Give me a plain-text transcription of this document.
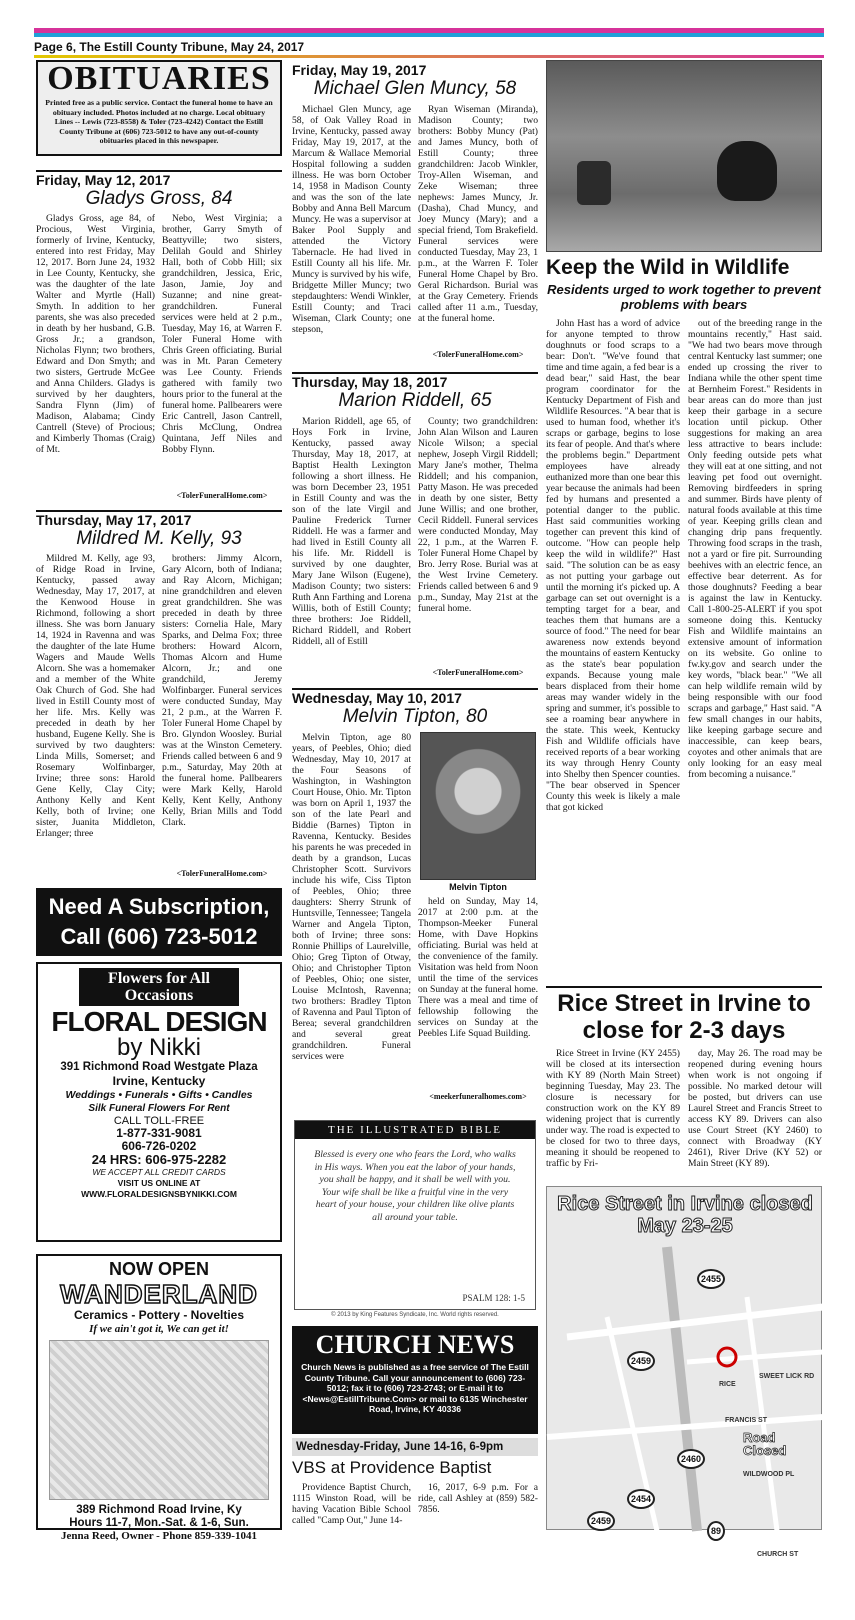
Page 6, The Estill County Tribune, May 24, 2017
OBITUARIES
Printed free as a public service. Contact the funeral home to have an obituary included. Photos included at no charge. Local obituary Lines -- Lewis (723-8558) & Toler (723-4242) Contact the Estill County Tribune at (606) 723-5012 to have any out-of-county obituaries placed in this newspaper.
Friday, May 12, 2017
Gladys Gross, 84

Gladys Gross, age 84, of Procious, West Virginia, formerly of Irvine, Kentucky, entered into rest Friday, May 12, 2017. Born June 24, 1932 in Lee County, Kentucky, she was the daughter of the late Walter and Myrtle (Hall) Smyth. In addition to her parents, she was also preceded in death by her husband, G.B. Gross Jr.; a grandson, Nicholas Flynn; two brothers, Edward and Don Smyth; and two sisters, Gertrude McGee and Anna Childers. Gladys is survived by her daughters, Sandra Flynn (Jim) of Madison, Alabama; Cindy Cantrell (Steve) of Procious; and Kimberly Thomas (Craig) of Mt.

Nebo, West Virginia; a brother, Garry Smyth of Beattyville; two sisters, Delilah Gould and Shirley Hall, both of Cobb Hill; six grandchildren, Jessica, Eric, Jason, Jamie, Joy and Suzanne; and nine great-grandchildren. Funeral services were held at 2 p.m., Tuesday, May 16, at Warren F. Toler Funeral Home with Chris Green officiating. Burial was in Mt. Paran Cemetery was Lee County. Friends gathered with family two hours prior to the funeral at the funeral home. Pallbearers were Eric Cantrell, Jason Cantrell, Chris McClung, Ondrea Quintana, Jeff Niles and Bobby Flynn.

<TolerFuneralHome.com>
Thursday, May 17, 2017
Mildred M. Kelly, 93

Mildred M. Kelly, age 93, of Ridge Road in Irvine, Kentucky, passed away Wednesday, May 17, 2017, at the Kenwood House in Richmond, following a short illness. She was born January 14, 1924 in Ravenna and was the daughter of the late Hume Wagers and Maude Wells Alcorn. She was a homemaker and a member of the White Oak Church of God. She had lived in Estill County most of her life. Mrs. Kelly was preceded in death by her husband, Eugene Kelly. She is survived by two daughters: Linda Mills, Somerset; and Rosemary Wolfinbarger, Irvine; three sons: Harold Gene Kelly, Clay City; Anthony Kelly and Kent Kelly, both of Irvine; one sister, Juanita Middleton, Erlanger; three

brothers: Jimmy Alcorn, Gary Alcorn, both of Indiana; and Ray Alcorn, Michigan; nine grandchildren and eleven great grandchildren. She was preceded in death by three sisters: Cornelia Hale, Mary Sparks, and Delma Fox; three brothers: Howard Alcorn, Thomas Alcorn and Hume Alcorn, Jr.; and one grandchild, Jeremy Wolfinbarger. Funeral services were conducted Sunday, May 21, 2 p.m., at the Warren F. Toler Funeral Home Chapel by Bro. Glyndon Woosley. Burial was at the Winston Cemetery. Friends called between 6 and 9 p.m., Saturday, May 20th at the funeral home. Pallbearers were Mark Kelly, Harold Kelly, Kent Kelly, Anthony Kelly, Brian Mills and Todd Clark.

<TolerFuneralHome.com>
Need A Subscription,
Call (606) 723-5012
Flowers for All Occasions
FLORAL DESIGN
by Nikki
391 Richmond Road Westgate Plaza
Irvine, Kentucky
Weddings • Funerals • Gifts • Candles
Silk Funeral Flowers For Rent
CALL TOLL-FREE
1-877-331-9081
606-726-0202
24 HRS: 606-975-2282
WE ACCEPT ALL CREDIT CARDS
VISIT US ONLINE AT
WWW.FLORALDESIGNSBYNIKKI.COM
NOW OPEN
WANDERLAND
Ceramics - Pottery - Novelties
If we ain't got it, We can get it!
389 Richmond Road Irvine, Ky
Hours 11-7, Mon.-Sat. & 1-6, Sun.
Jenna Reed, Owner - Phone 859-339-1041
Friday, May 19, 2017
Michael Glen Muncy, 58

Michael Glen Muncy, age 58, of Oak Valley Road in Irvine, Kentucky, passed away Friday, May 19, 2017, at the Marcum & Wallace Memorial Hospital following a sudden illness. He was born October 14, 1958 in Madison County and was the son of the late Bobby and Anna Bell Marcum Muncy. He was a supervisor at Baker Pool Supply and attended the Victory Tabernacle. He had lived in Estill County all his life. Mr. Muncy is survived by his wife, Bridgette Miller Muncy; two stepdaughters: Wendi Winkler, Estill County; and Traci Wiseman, Clark County; one stepson,

Ryan Wiseman (Miranda), Madison County; two brothers: Bobby Muncy (Pat) and James Muncy, both of Estill County; three grandchildren: Jacob Winkler, Troy-Allen Wiseman, and Zeke Wiseman; three nephews: James Muncy, Jr. (Dasha), Chad Muncy, and Joey Muncy (Mary); and a special friend, Tom Brakefield. Funeral services were conducted Tuesday, May 23, 1 p.m., at the Warren F. Toler Funeral Home Chapel by Bro. Geral Richardson. Burial was at the Gray Cemetery. Friends called after 11 a.m., Tuesday, at the funeral home.

<TolerFuneralHome.com>
Thursday, May 18, 2017
Marion Riddell, 65

Marion Riddell, age 65, of Hoys Fork in Irvine, Kentucky, passed away Thursday, May 18, 2017, at Baptist Health Lexington following a short illness. He was born December 23, 1951 in Estill County and was the son of the late Virgil and Pauline Frederick Turner Riddell. He was a farmer and had lived in Estill County all his life. Mr. Riddell is survived by one daughter, Mary Jane Wilson (Eugene), Madison County; two sisters: Ruth Ann Farthing and Lorena Willis, both of Estill County; three brothers: Joe Riddell, Richard Riddell, and Robert Riddell, all of Estill

County; two grandchildren: John Alan Wilson and Lauren Nicole Wilson; a special nephew, Joseph Virgil Riddell; Mary Jane's mother, Thelma Riddell; and his companion, Patty Mason. He was preceded in death by one sister, Betty June Willis; and one brother, Cecil Riddell. Funeral services were conducted Monday, May 22, 1 p.m., at the Warren F. Toler Funeral Home Chapel by Bro. Jerry Rose. Burial was at the West Irvine Cemetery. Friends called between 6 and 9 p.m., Sunday, May 21st at the funeral home.

<TolerFuneralHome.com>
Wednesday, May 10, 2017
Melvin Tipton, 80

Melvin Tipton, age 80 years, of Peebles, Ohio; died Wednesday, May 10, 2017 at the Four Seasons of Washington, in Washington Court House, Ohio. Mr. Tipton was born on April 1, 1937 the son of the late Pearl and Biddie (Barnes) Tipton in Ravenna, Kentucky. Besides his parents he was preceded in death by a grandson, Lucas Christopher Scott. Survivors include his wife, Ciss Tipton of Peebles, Ohio; three daughters: Sherry Strunk of Huntsville, Tennessee; Tangela Warner and Angela Tipton, both of Irvine; three sons: Ronnie Phillips of Laurelville, Ohio; Greg Tipton of Otway, Ohio; and Christopher Tipton of Peebles, Ohio; one sister, Louise McIntosh, Ravenna; two brothers: Bradley Tipton of Ravenna and Paul Tipton of Berea; several grandchildren and several great grandchildren. Funeral services were

Melvin Tipton

held on Sunday, May 14, 2017 at 2:00 p.m. at the Thompson-Meeker Funeral Home, with Dave Hopkins officiating. Burial was held at the convenience of the family. Visitation was held from Noon until the time of the services on Sunday at the funeral home. There was a meal and time of fellowship following the services on Sunday at the Peebles Life Squad Building.

<meekerfuneralhomes.com>
THE ILLUSTRATED BIBLE
Blessed is every one who fears the Lord, who walks in His ways. When you eat the labor of your hands, you shall be happy, and it shall be well with you. Your wife shall be like a fruitful vine in the very heart of your house, your children like olive plants all around your table.
PSALM 128: 1-5
© 2013 by King Features Syndicate, Inc. World rights reserved.
CHURCH NEWS
Church News is published as a free service of The Estill County Tribune. Call your announcement to (606) 723-5012; fax it to (606) 723-2743; or E-mail it to <News@EstillTribune.Com> or mail to 6135 Winchester Road, Irvine, KY 40336
Wednesday-Friday, June 14-16, 6-9pm
VBS at Providence Baptist

Providence Baptist Church, 1115 Winston Road, will be having Vacation Bible School called "Camp Out," June 14-

16, 2017, 6-9 p.m. For a ride, call Ashley at (859) 582-7856.

Keep the Wild in Wildlife
Residents urged to work together to prevent problems with bears

John Hast has a word of advice for anyone tempted to throw doughnuts or food scraps to a bear: Don't. "We've found that time and time again, a fed bear is a dead bear," said Hast, the bear program coordinator for the Kentucky Department of Fish and Wildlife Resources. "A bear that is used to human food, whether it's scraps or garbage, begins to lose its fear of people. And that's where the problems begin." Department employees have already euthanized more than one bear this year because the animals had been fed by humans and presented a potential danger to the public. Hast said communities working together can prevent this kind of outcome. "How can people help keep the wild in wildlife?" Hast said. "The solution can be as easy as not putting your garbage out until the morning it's picked up. A garbage can set out overnight is a tempting target for a bear, and teaches them that humans are a source of food." The need for bear awareness now extends beyond the mountains of eastern Kentucky as the state's bear population expands. Because young male bears displaced from their home areas may wander widely in the spring and summer, it's possible to see a roaming bear anywhere in the state. This week, Kentucky Fish and Wildlife officials have received reports of a bear working its way through Henry County into Shelby then Spencer counties. "The bear observed in Spencer County this week is likely a male that got kicked

out of the breeding range in the mountains recently," Hast said. "We had two bears move through central Kentucky last summer; one ended up crossing the river to Indiana while the other spent time at Bernheim Forest." Residents in bear areas can do more than just keep their garbage in a secure location until pickup. Other suggestions for making an area less attractive to bears include: Only feeding outside pets what they will eat at one sitting, and not leaving pet food out overnight. Removing birdfeeders in spring and summer. Birds have plenty of natural foods available at this time of year. Keeping grills clean and changing drip pans frequently. Throwing food scraps in the trash, not a yard or fire pit. Surrounding beehives with an electric fence, an effective bear deterrent. As for those doughnuts? Feeding a bear is against the law in Kentucky. Call 1-800-25-ALERT if you spot someone doing this. Kentucky Fish and Wildlife maintains an extensive amount of information on its website. Go online to fw.ky.gov and search under the key words, "black bear." "We all can help wildlife remain wild by being responsible with our food scraps and garbage," Hast said. "A few small changes in our habits, like keeping garbage secure and inaccessible, can keep bears, coyotes and other animals that are only looking for an easy meal from becoming a nuisance."

Rice Street in Irvine to close for 2-3 days

Rice Street in Irvine (KY 2455) will be closed at its intersection with KY 89 (North Main Street) beginning Tuesday, May 23. The closure is necessary for construction work on the KY 89 widening project that is currently under way. The road is expected to be closed for two to three days, meaning it should be reopened to traffic by Fri-

day, May 26. The road may be reopened during evening hours when work is not ongoing if possible. No marked detour will be posted, but drivers can use Laurel Street and Francis Street to access KY 89. Drivers can also use Court Street (KY 2460) to connect with Broadway (KY 2461), River Drive (KY 52) or Main Street (KY 89).

Rice Street in Irvine closed May 23-25
2455
2459
2460
2454
89
2459
RICE
SWEET LICK RD
Road Closed
WILDWOOD PL
CHURCH ST
FRANCIS ST
